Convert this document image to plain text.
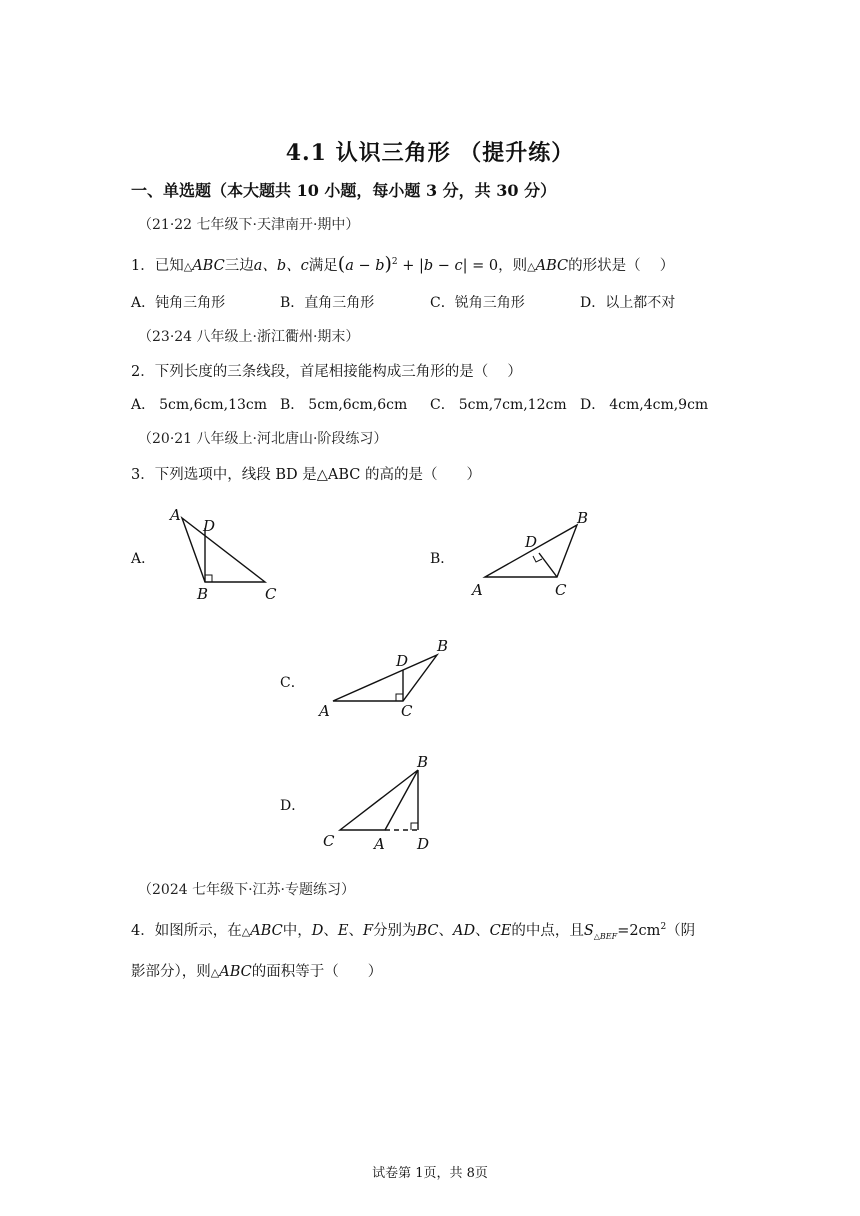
4.1 认识三角形 （提升练）
一、单选题（本大题共 10 小题，每小题 3 分，共 30 分）
（21·22 七年级下·天津南开·期中）
1．已知△ABC三边a、b、c满足$(a - b)^2 + |b - c| = 0$，则△ABC的形状是（　 ）
A．钝角三角形	B．直角三角形	C．锐角三角形	D．以上都不对
（23·24 八年级上·浙江衢州·期末）
2．下列长度的三条线段，首尾相接能构成三角形的是（　 ）
A． 5cm,6cm,13cm B． 5cm,6cm,6cm C． 5cm,7cm,12cm D． 4cm,4cm,9cm
（20·21 八年级上·河北唐山·阶段练习）
3．下列选项中，线段 BD 是△ABC 的高的是（　　）
A．
A
D
B	C
B．
D
B
A	C
C．
D
B
A	C
D．
B
C	A D
（2024 七年级下·江苏·专题练习）
4．如图所示，在△ABC中，D、E、F分别为BC、AD、CE的中点，且$S_{\triangle BEF}=2cm^2$（阴
影部分），则△ABC的面积等于（　　）
试卷第 1页，共 8页
